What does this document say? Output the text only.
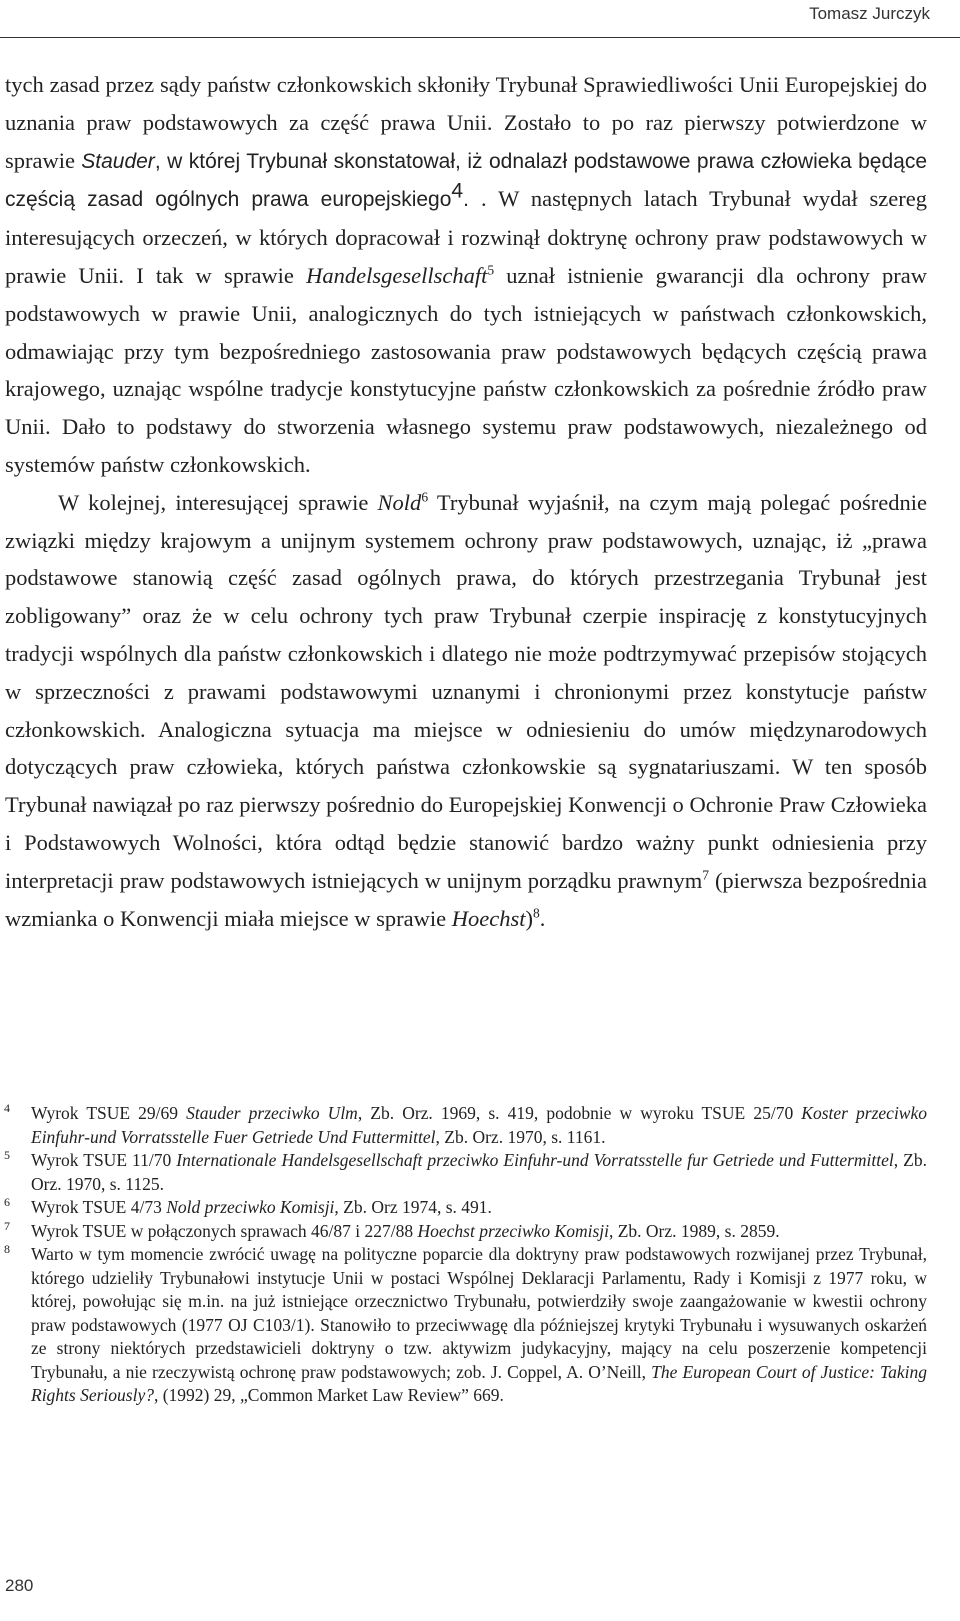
Tomasz Jurczyk

tych zasad przez sądy państw członkowskich skłoniły Trybunał Sprawiedliwości Unii Europejskiej do uznania praw podstawowych za część prawa Unii. Zostało to po raz pierwszy potwierdzone w sprawie Stauder, w której Trybunał skonstatował, iż odnalazł podstawowe prawa człowieka będące częścią zasad ogólnych prawa europejskiego$^4$. . W następnych latach Trybunał wydał szereg interesujących orzeczeń, w których dopracował i rozwinął doktrynę ochrony praw podstawowych w prawie Unii. I tak w sprawie Handelsgesellschaft$^5$ uznał istnienie gwarancji dla ochrony praw podstawowych w prawie Unii, analogicznych do tych istniejących w państwach członkowskich, odmawiając przy tym bezpośredniego zastosowania praw podstawowych będących częścią prawa krajowego, uznając wspólne tradycje konstytucyjne państw członkowskich za pośrednie źródło praw Unii. Dało to podstawy do stworzenia własnego systemu praw podstawowych, niezależnego od systemów państw członkowskich.

W kolejnej, interesującej sprawie Nold$^6$ Trybunał wyjaśnił, na czym mają polegać pośrednie związki między krajowym a unijnym systemem ochrony praw podstawowych, uznając, iż „prawa podstawowe stanowią część zasad ogólnych prawa, do których przestrzegania Trybunał jest zobligowany” oraz że w celu ochrony tych praw Trybunał czerpie inspirację z konstytucyjnych tradycji wspólnych dla państw członkowskich i dlatego nie może podtrzymywać przepisów stojących w sprzeczności z prawami podstawowymi uznanymi i chronionymi przez konstytucje państw członkowskich. Analogiczna sytuacja ma miejsce w odniesieniu do umów międzynarodowych dotyczących praw człowieka, których państwa członkowskie są sygnatariuszami. W ten sposób Trybunał nawiązał po raz pierwszy pośrednio do Europejskiej Konwencji o Ochronie Praw Człowieka i Podstawowych Wolności, która odtąd będzie stanowić bardzo ważny punkt odniesienia przy interpretacji praw podstawowych istniejących w unijnym porządku prawnym$^7$ (pierwsza bezpośrednia wzmianka o Konwencji miała miejsce w sprawie Hoechst)$^8$.

4 Wyrok TSUE 29/69 Stauder przeciwko Ulm, Zb. Orz. 1969, s. 419, podobnie w wyroku TSUE 25/70 Koster przeciwko Einfuhr-und Vorratsstelle Fuer Getriede Und Futtermittel, Zb. Orz. 1970, s. 1161.
5 Wyrok TSUE 11/70 Internationale Handelsgesellschaft przeciwko Einfuhr-und Vorratsstelle fur Getriede und Futtermittel, Zb. Orz. 1970, s. 1125.
6 Wyrok TSUE 4/73 Nold przeciwko Komisji, Zb. Orz 1974, s. 491.
7 Wyrok TSUE w połączonych sprawach 46/87 i 227/88 Hoechst przeciwko Komisji, Zb. Orz. 1989, s. 2859.
8 Warto w tym momencie zwrócić uwagę na polityczne poparcie dla doktryny praw podstawowych rozwijanej przez Trybunał, którego udzieliły Trybunałowi instytucje Unii w postaci Wspólnej Deklaracji Parlamentu, Rady i Komisji z 1977 roku, w której, powołując się m.in. na już istniejące orzecznictwo Trybunału, potwierdziły swoje zaangażowanie w kwestii ochrony praw podstawowych (1977 OJ C103/1). Stanowiło to przeciwwagę dla późniejszej krytyki Trybunału i wysuwanych oskarżeń ze strony niektórych przedstawicieli doktryny o tzw. aktywizm judykacyjny, mający na celu poszerzenie kompetencji Trybunału, a nie rzeczywistą ochronę praw podstawowych; zob. J. Coppel, A. O’Neill, The European Court of Justice: Taking Rights Seriously?, (1992) 29, „Common Market Law Review” 669.
280
